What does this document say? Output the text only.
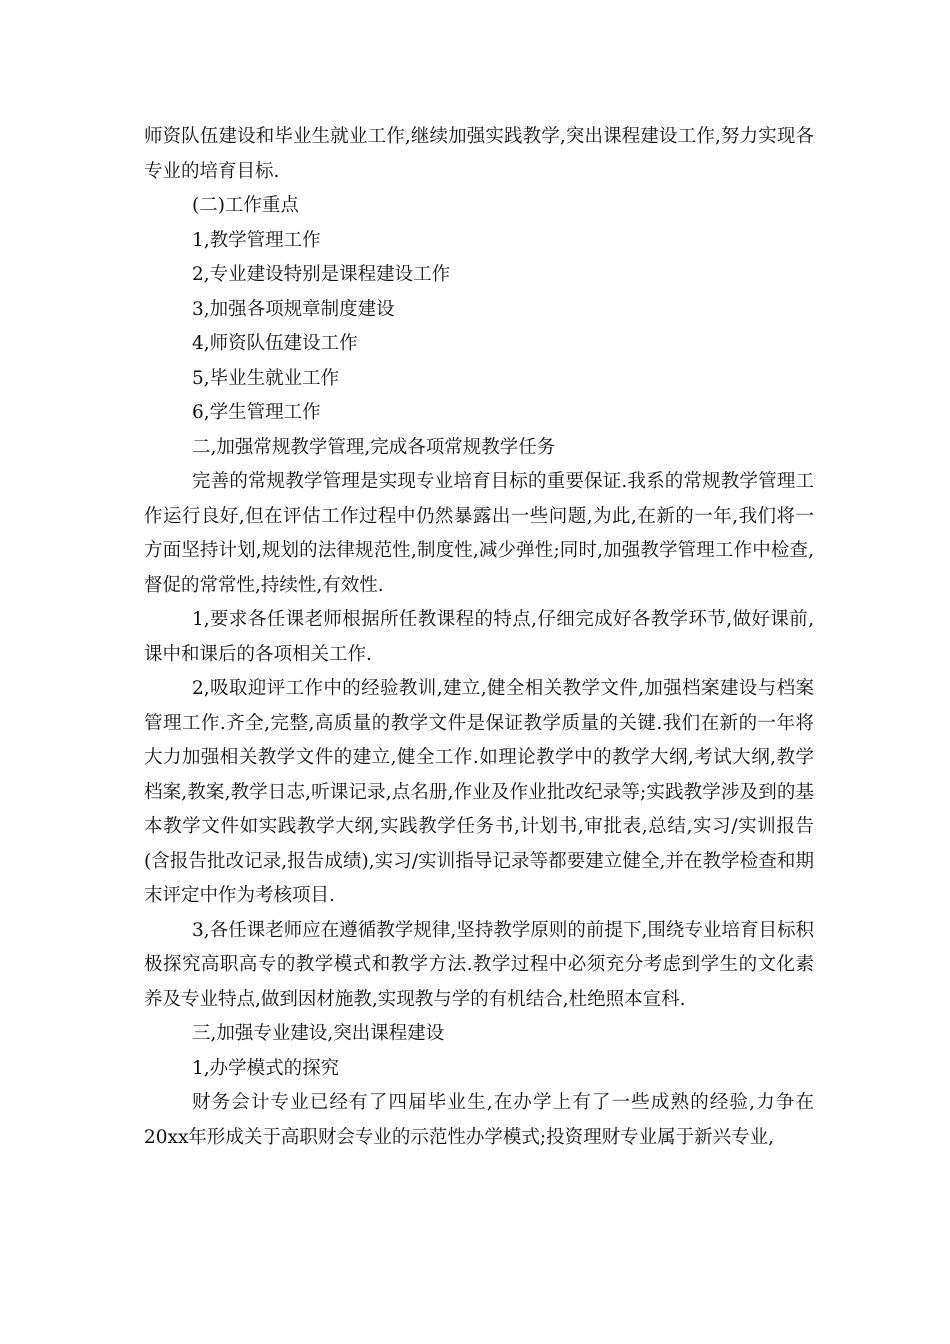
师资队伍建设和毕业生就业工作,继续加强实践教学,突出课程建设工作,努力实现各专业的培育目标.

(二)工作重点

1,教学管理工作

2,专业建设特别是课程建设工作

3,加强各项规章制度建设

4,师资队伍建设工作

5,毕业生就业工作

6,学生管理工作

二,加强常规教学管理,完成各项常规教学任务

完善的常规教学管理是实现专业培育目标的重要保证.我系的常规教学管理工作运行良好,但在评估工作过程中仍然暴露出一些问题,为此,在新的一年,我们将一方面坚持计划,规划的法律规范性,制度性,减少弹性;同时,加强教学管理工作中检查,督促的常常性,持续性,有效性.

1,要求各任课老师根据所任教课程的特点,仔细完成好各教学环节,做好课前,课中和课后的各项相关工作.

2,吸取迎评工作中的经验教训,建立,健全相关教学文件,加强档案建设与档案管理工作.齐全,完整,高质量的教学文件是保证教学质量的关键.我们在新的一年将大力加强相关教学文件的建立,健全工作.如理论教学中的教学大纲,考试大纲,教学档案,教案,教学日志,听课记录,点名册,作业及作业批改纪录等;实践教学涉及到的基本教学文件如实践教学大纲,实践教学任务书,计划书,审批表,总结,实习/实训报告(含报告批改记录,报告成绩),实习/实训指导记录等都要建立健全,并在教学检查和期末评定中作为考核项目.

3,各任课老师应在遵循教学规律,坚持教学原则的前提下,围绕专业培育目标积极探究高职高专的教学模式和教学方法.教学过程中必须充分考虑到学生的文化素养及专业特点,做到因材施教,实现教与学的有机结合,杜绝照本宣科.

三,加强专业建设,突出课程建设

1,办学模式的探究

财务会计专业已经有了四届毕业生,在办学上有了一些成熟的经验,力争在20xx年形成关于高职财会专业的示范性办学模式;投资理财专业属于新兴专业,
